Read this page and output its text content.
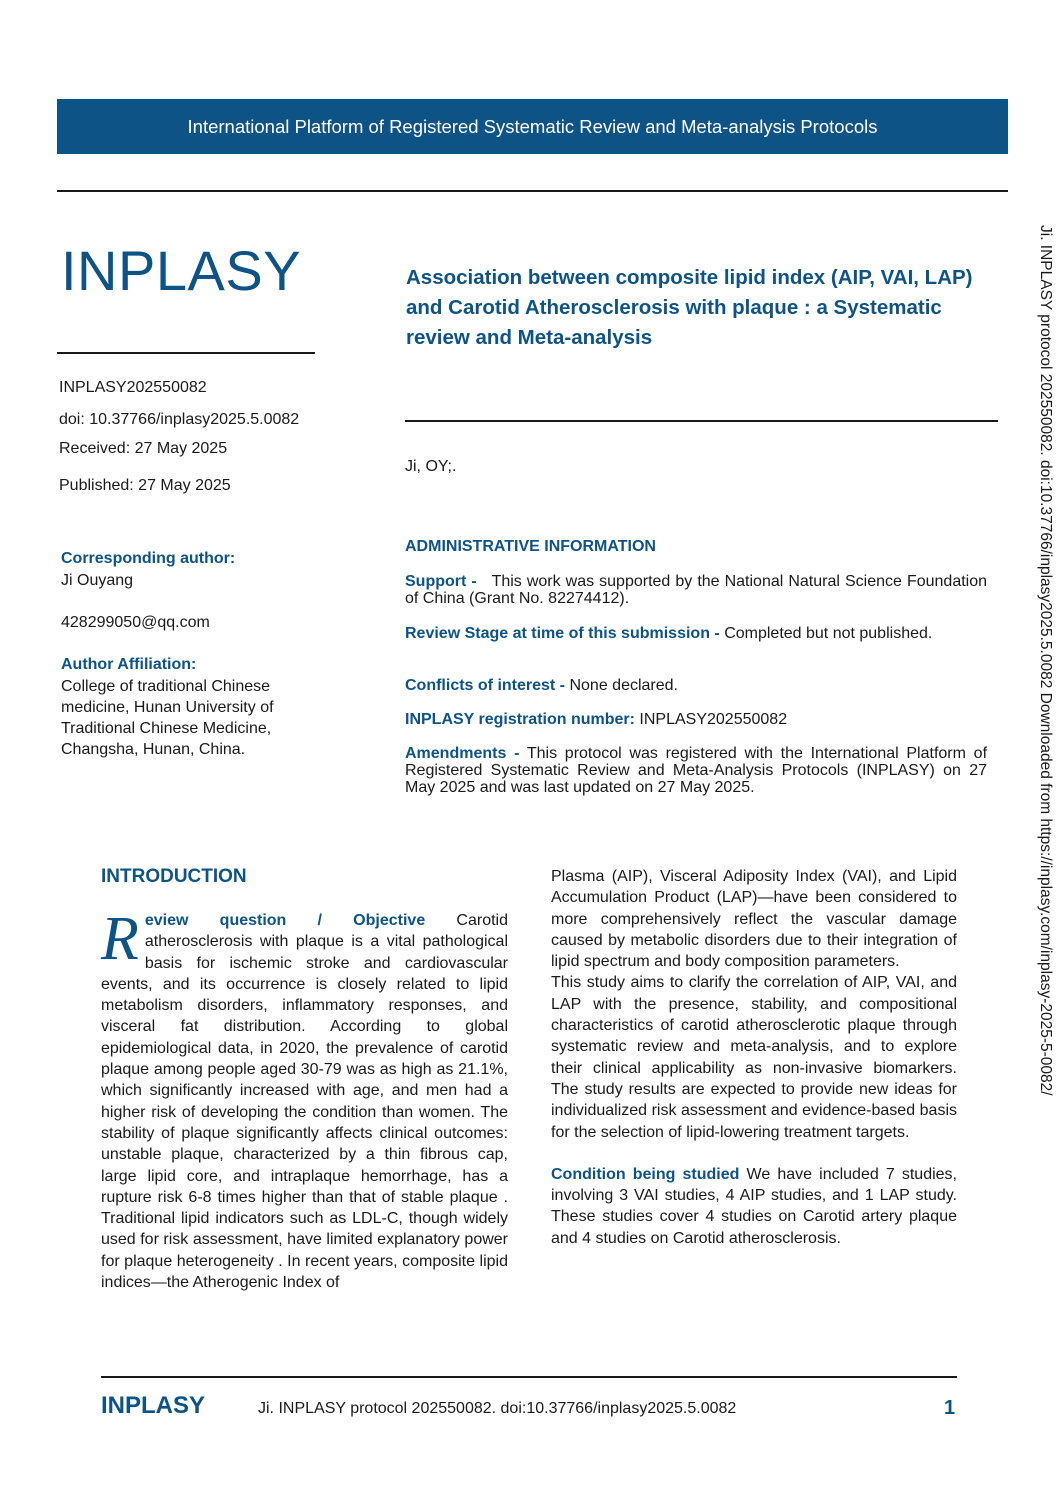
International Platform of Registered Systematic Review and Meta-analysis Protocols
Ji. INPLASY protocol 202550082. doi:10.37766/inplasy2025.5.0082 Downloaded from https://inplasy.com/inplasy-2025-5-0082/
INPLASY
INPLASY202550082
doi: 10.37766/inplasy2025.5.0082
Received: 27 May 2025
Published: 27 May 2025
Association between composite lipid index (AIP, VAI, LAP) and Carotid Atherosclerosis with plaque : a Systematic review and Meta-analysis
Ji, OY;.
Corresponding author:
Ji Ouyang
428299050@qq.com
Author Affiliation:
College of traditional Chinese medicine, Hunan University of Traditional Chinese Medicine, Changsha, Hunan, China.
ADMINISTRATIVE INFORMATION
Support - This work was supported by the National Natural Science Foundation of China (Grant No. 82274412).
Review Stage at time of this submission - Completed but not published.
Conflicts of interest - None declared.
INPLASY registration number: INPLASY202550082
Amendments - This protocol was registered with the International Platform of Registered Systematic Review and Meta-Analysis Protocols (INPLASY) on 27 May 2025 and was last updated on 27 May 2025.
INTRODUCTION

Review question / Objective Carotid atherosclerosis with plaque is a vital pathological basis for ischemic stroke and cardiovascular events, and its occurrence is closely related to lipid metabolism disorders, inflammatory responses, and visceral fat distribution. According to global epidemiological data, in 2020, the prevalence of carotid plaque among people aged 30-79 was as high as 21.1%, which significantly increased with age, and men had a higher risk of developing the condition than women. The stability of plaque significantly affects clinical outcomes: unstable plaque, characterized by a thin fibrous cap, large lipid core, and intraplaque hemorrhage, has a rupture risk 6-8 times higher than that of stable plaque . Traditional lipid indicators such as LDL-C, though widely used for risk assessment, have limited explanatory power for plaque heterogeneity . In recent years, composite lipid indices—the Atherogenic Index of

Plasma (AIP), Visceral Adiposity Index (VAI), and Lipid Accumulation Product (LAP)—have been considered to more comprehensively reflect the vascular damage caused by metabolic disorders due to their integration of lipid spectrum and body composition parameters.

This study aims to clarify the correlation of AIP, VAI, and LAP with the presence, stability, and compositional characteristics of carotid atherosclerotic plaque through systematic review and meta-analysis, and to explore their clinical applicability as non-invasive biomarkers. The study results are expected to provide new ideas for individualized risk assessment and evidence-based basis for the selection of lipid-lowering treatment targets.

Condition being studied We have included 7 studies, involving 3 VAI studies, 4 AIP studies, and 1 LAP study. These studies cover 4 studies on Carotid artery plaque and 4 studies on Carotid atherosclerosis.

INPLASY	Ji. INPLASY protocol 202550082. doi:10.37766/inplasy2025.5.0082	1
